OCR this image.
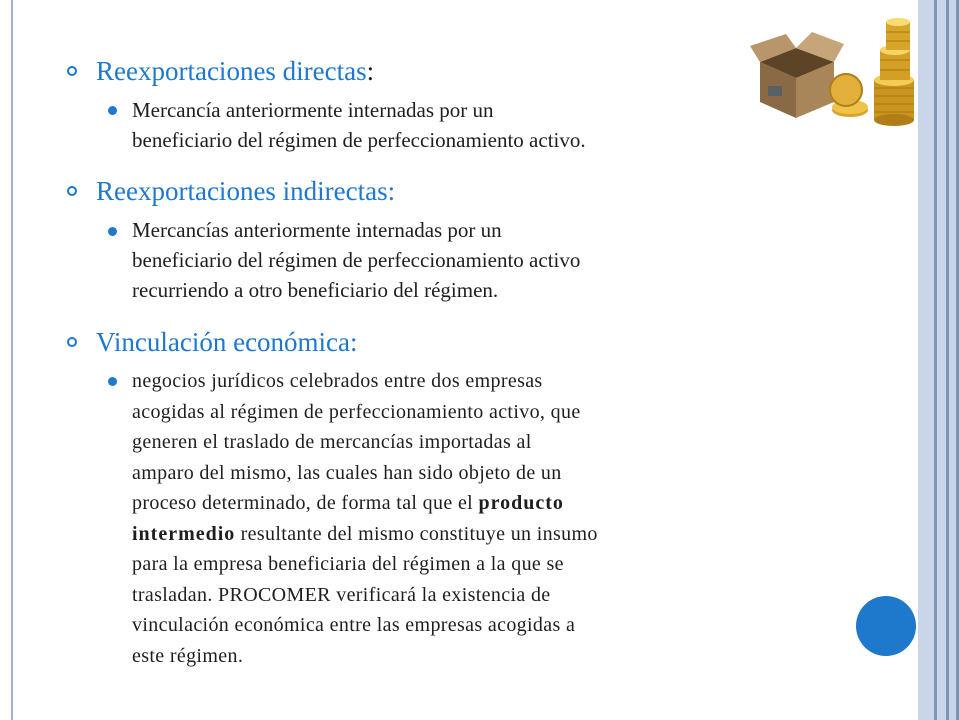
Reexportaciones directas:
Mercancía anteriormente internadas por un
beneficiario del régimen de perfeccionamiento activo.
Reexportaciones indirectas:
Mercancías anteriormente internadas por un
beneficiario del régimen de perfeccionamiento activo
recurriendo a otro beneficiario del régimen.
Vinculación económica:
negocios jurídicos celebrados entre dos empresas
acogidas al régimen de perfeccionamiento activo, que
generen el traslado de mercancías importadas al
amparo del mismo, las cuales han sido objeto de un
proceso determinado, de forma tal que el producto
intermedio resultante del mismo constituye un insumo
para la empresa beneficiaria del régimen a la que se
trasladan. PROCOMER verificará la existencia de
vinculación económica entre las empresas acogidas a
este régimen.
